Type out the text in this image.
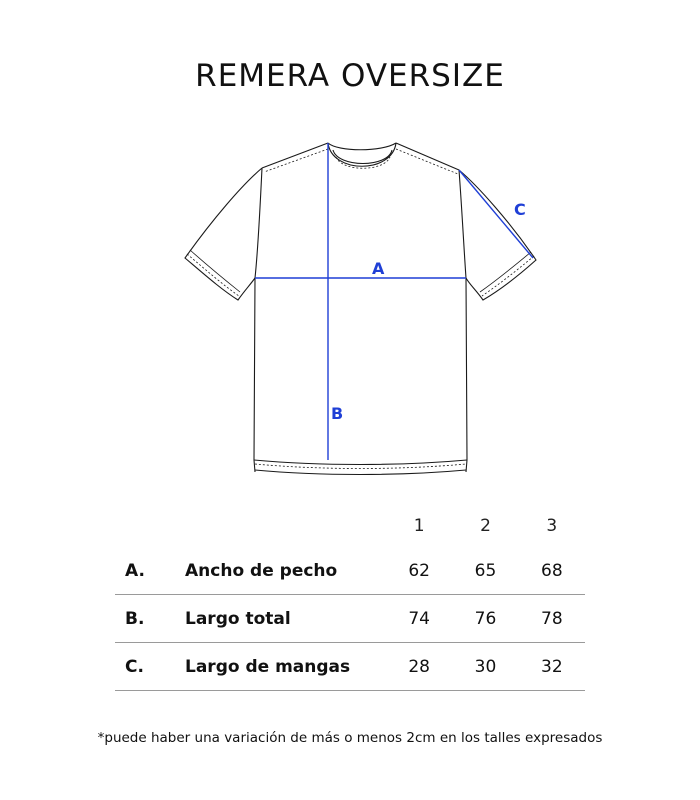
REMERA OVERSIZE
A
B
C
		1	2	3
A.	Ancho de pecho	62	65	68
B.	Largo total	74	76	78
C.	Largo de mangas	28	30	32
*puede haber una variación de más o menos 2cm en los talles expresados
